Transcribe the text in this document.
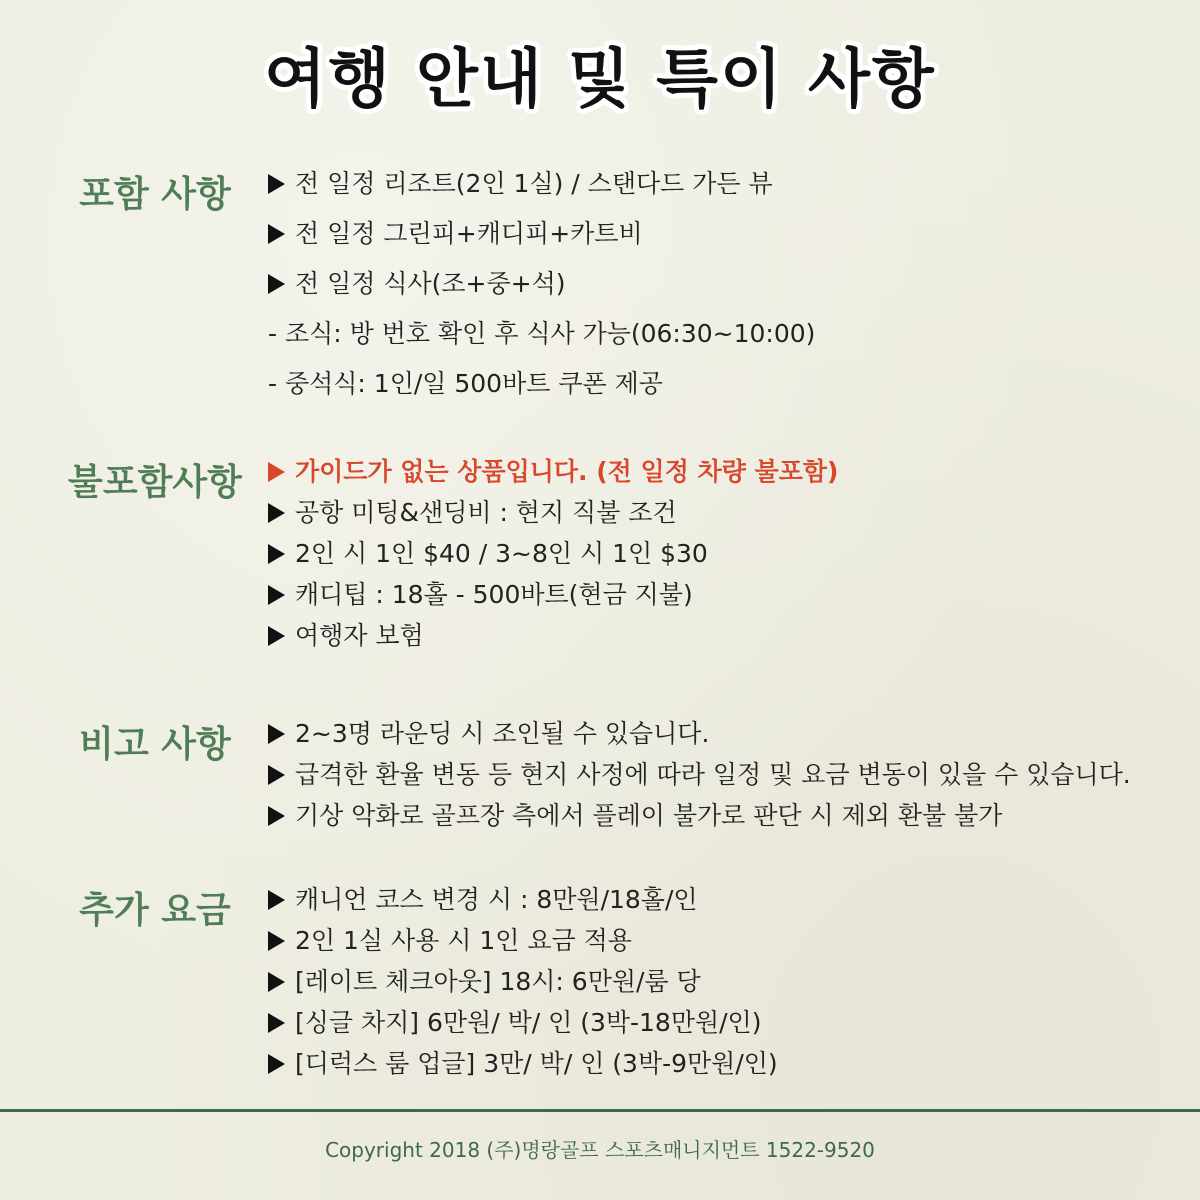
여행 안내 및 특이 사항
포함 사항	전 일정 리조트(2인 1실) / 스탠다드 가든 뷰
전 일정 그린피+캐디피+카트비
전 일정 식사(조+중+석)
- 조식: 방 번호 확인 후 식사 가능(06:30~10:00)
- 중석식: 1인/일 500바트 쿠폰 제공
불포함사항	가이드가 없는 상품입니다. (전 일정 차량 불포함)
공항 미팅&샌딩비 : 현지 직불 조건
2인 시 1인 $40 / 3~8인 시 1인 $30
캐디팁 : 18홀 - 500바트(현금 지불)
여행자 보험
비고 사항	2~3명 라운딩 시 조인될 수 있습니다.
급격한 환율 변동 등 현지 사정에 따라 일정 및 요금 변동이 있을 수 있습니다.
기상 악화로 골프장 측에서 플레이 불가로 판단 시 제외 환불 불가
추가 요금	캐니언 코스 변경 시 : 8만원/18홀/인
2인 1실 사용 시 1인 요금 적용
[레이트 체크아웃] 18시: 6만원/룸 당
[싱글 차지] 6만원/ 박/ 인 (3박-18만원/인)
[디럭스 룸 업글] 3만/ 박/ 인 (3박-9만원/인)
Copyright 2018 (주)명랑골프 스포츠매니지먼트 1522-9520
